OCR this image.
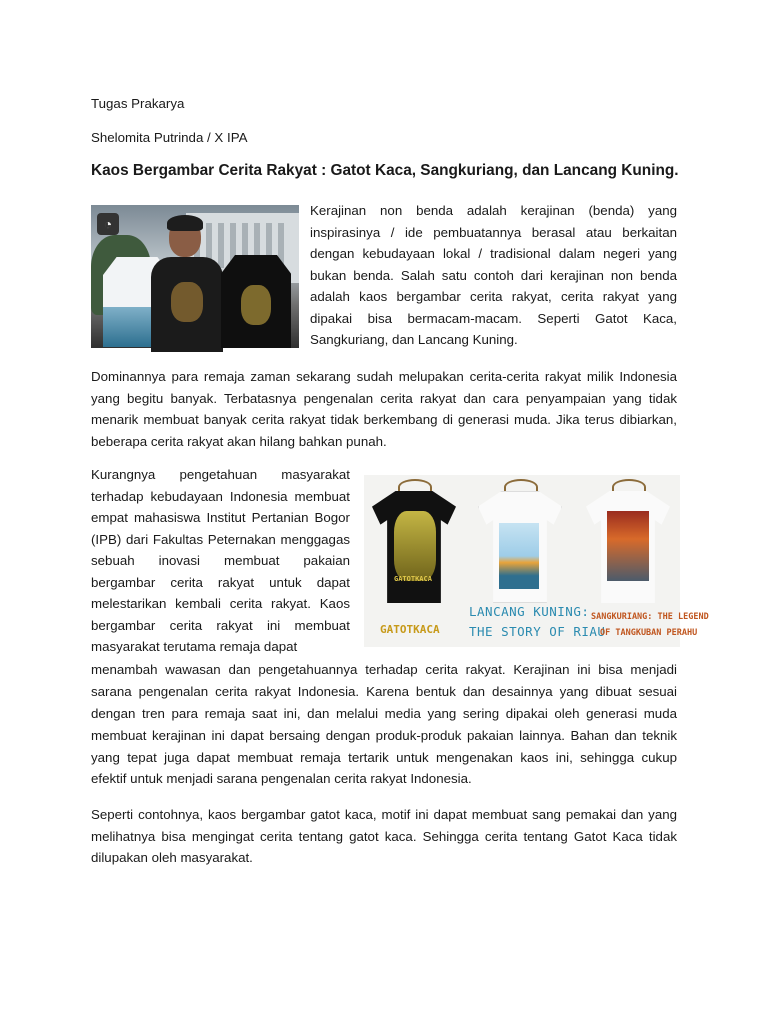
Tugas Prakarya
Shelomita Putrinda / X IPA
Kaos Bergambar Cerita Rakyat : Gatot Kaca, Sangkuriang, dan Lancang Kuning.
◔
Kerajinan non benda adalah kerajinan (benda) yang inspirasinya / ide pembuatannya berasal atau berkaitan dengan kebudayaan lokal / tradisional dalam negeri yang bukan benda. Salah satu contoh dari kerajinan non benda adalah kaos bergambar cerita rakyat, cerita rakyat yang dipakai bisa bermacam-macam. Seperti Gatot Kaca, Sangkuriang, dan Lancang Kuning.
Dominannya para remaja zaman sekarang sudah melupakan cerita-cerita rakyat milik Indonesia yang begitu banyak. Terbatasnya pengenalan cerita rakyat dan cara penyampaian yang tidak menarik membuat banyak cerita rakyat tidak berkembang di generasi muda. Jika terus dibiarkan, beberapa cerita rakyat akan hilang bahkan punah.
Kurangnya pengetahuan masyarakat terhadap kebudayaan Indonesia membuat empat mahasiswa Institut Pertanian Bogor (IPB) dari Fakultas Peternakan menggagas sebuah inovasi membuat pakaian bergambar cerita rakyat untuk dapat melestarikan kembali cerita rakyat. Kaos bergambar cerita rakyat ini membuat masyarakat terutama remaja dapat
GATOTKACA
GATOTKACA
LANCANG KUNING:
THE STORY OF RIAU
SANGKURIANG: THE LEGEND
OF TANGKUBAN PERAHU
menambah wawasan dan pengetahuannya terhadap cerita rakyat. Kerajinan ini bisa menjadi
sarana pengenalan cerita rakyat Indonesia. Karena bentuk dan desainnya yang dibuat sesuai
dengan tren para remaja saat ini, dan melalui media yang sering dipakai oleh generasi muda
membuat kerajinan ini dapat bersaing dengan produk-produk pakaian lainnya. Bahan dan teknik
yang tepat juga dapat membuat remaja tertarik untuk mengenakan kaos ini, sehingga cukup
efektif untuk menjadi sarana pengenalan cerita rakyat Indonesia.
Seperti contohnya, kaos bergambar gatot kaca, motif ini dapat membuat sang pemakai dan yang melihatnya bisa mengingat cerita tentang gatot kaca. Sehingga cerita tentang Gatot Kaca tidak dilupakan oleh masyarakat.
